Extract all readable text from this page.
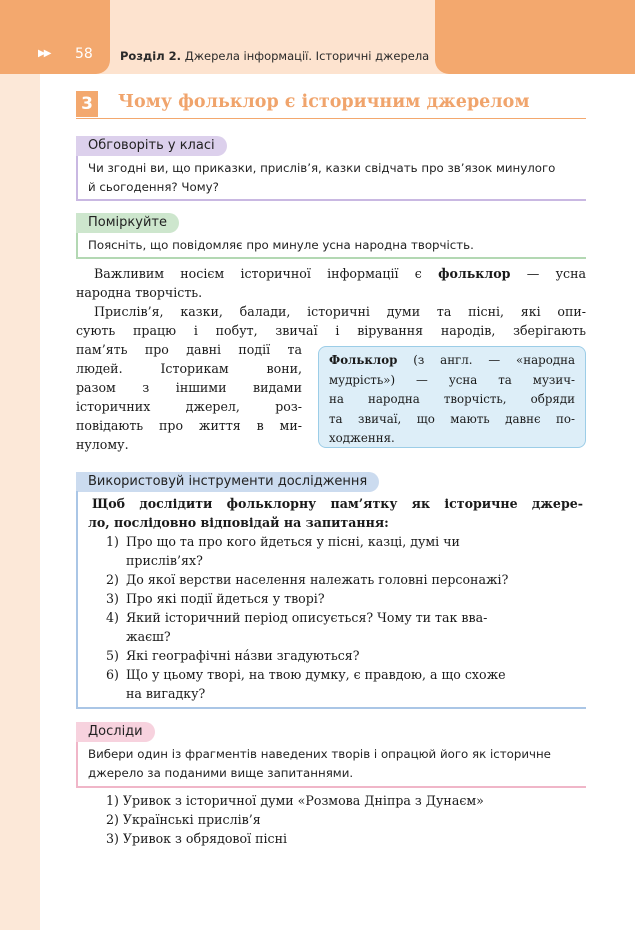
▶▶ 58 Розділ 2. Джерела інформації. Історичні джерела
3 Чому фольклор є історичним джерелом
Обговоріть у класі
Чи згодні ви, що приказки, прислів’я, казки свідчать про зв’язок минулого
й сьогодення? Чому?
Поміркуйте
Поясніть, що повідомляє про минуле усна народна творчість.
Важливим носієм історичної інформації є фольклор — усна
народна творчість.
Прислів’я, казки, балади, історичні думи та пісні, які опи-
сують працю і побут, звичаї і вірування народів, зберігають
пам’ять про давні події та
людей. Історикам вони,
разом з іншими видами
історичних джерел, роз-
повідають про життя в ми-
нулому.
Фольклор (з англ. — «народна
мудрість») — усна та музич-
на народна творчість, обряди
та звичаї, що мають давнє по-
ходження.
Використовуй інструменти дослідження
Щоб дослідити фольклорну пам’ятку як історичне джере-
ло, послідовно відповідай на запитання:
1) Про що та про кого йдеться у пісні, казці, думі чи
прислів’ях?
2) До якої верстви населення належать головні персонажі?
3) Про які події йдеться у творі?
4) Який історичний період описується? Чому ти так вва-
жаєш?
5) Які географічні нáзви згадуються?
6) Що у цьому творі, на твою думку, є правдою, а що схоже
на вигадку?
Досліди
Вибери один із фрагментів наведених творів і опрацюй його як історичне
джерело за поданими вище запитаннями.
1) Уривок з історичної думи «Розмова Дніпра з Дунаєм»
2) Українські прислів’я
3) Уривок з обрядової пісні
